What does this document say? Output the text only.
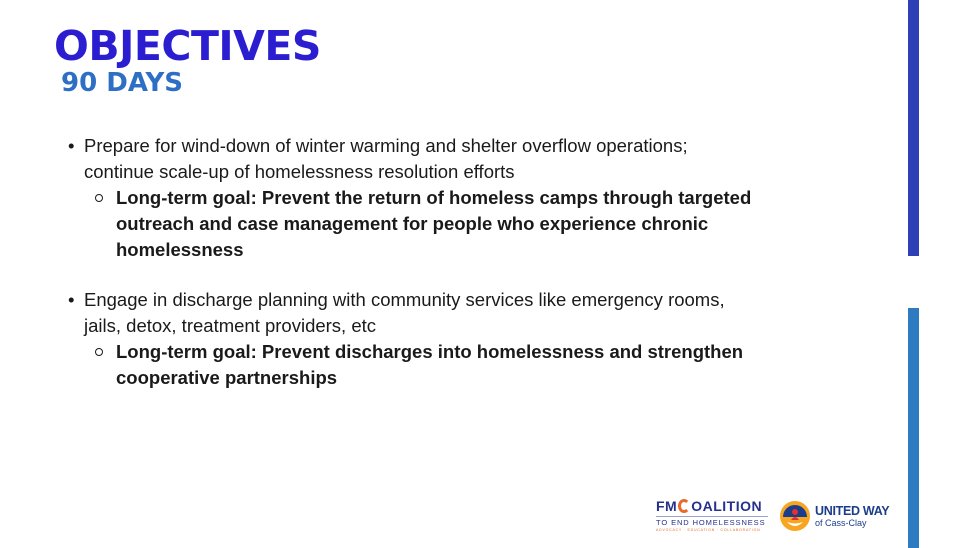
OBJECTIVES
90 DAYS
• Prepare for wind-down of winter warming and shelter overflow operations;
continue scale-up of homelessness resolution efforts
Long-term goal: Prevent the return of homeless camps through targeted
outreach and case management for people who experience chronic
homelessness
• Engage in discharge planning with community services like emergency rooms,
jails, detox, treatment providers, etc
Long-term goal: Prevent discharges into homelessness and strengthen
cooperative partnerships
FM OALITION
TO END HOMELESSNESS
ADVOCACY · EDUCATION · COLLABORATION
UNITED WAY
of Cass-Clay
